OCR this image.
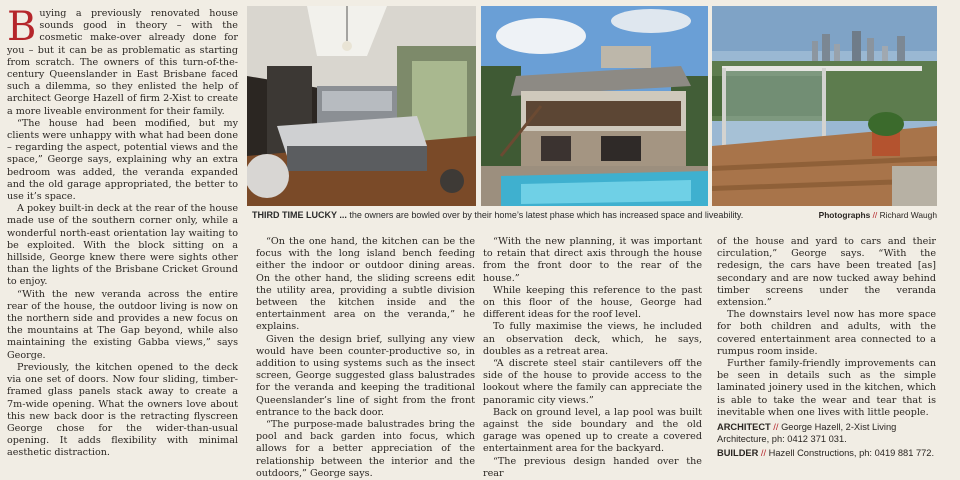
Buying a previously renovated house sounds good in theory – with the cosmetic make-over already done for you – but it can be as problematic as starting from scratch. The owners of this turn-of-the-century Queenslander in East Brisbane faced such a dilemma, so they enlisted the help of architect George Hazell of firm 2-Xist to create a more liveable environment for their family.

“The house had been modified, but my clients were unhappy with what had been done – regarding the aspect, potential views and the space,” George says, explaining why an extra bedroom was added, the veranda expanded and the old garage appropriated, the better to use it’s space.

A pokey built-in deck at the rear of the house made use of the southern corner only, while a wonderful north-east orientation lay waiting to be exploited. With the block sitting on a hillside, George knew there were sights other than the lights of the Brisbane Cricket Ground to enjoy.

“With the new veranda across the entire rear of the house, the outdoor living is now on the northern side and provides a new focus on the mountains at The Gap beyond, while also maintaining the existing Gabba views,” says George.

Previously, the kitchen opened to the deck via one set of doors. Now four sliding, timber-framed glass panels stack away to create a 7m-wide opening. What the owners love about this new back door is the retracting flyscreen George chose for the wider-than-usual opening. It adds flexibility with minimal aesthetic distraction.

THIRD TIME LUCKY ... the owners are bowled over by their home’s latest phase which has increased space and liveability.	Photographs // Richard Waugh

“On the one hand, the kitchen can be the focus with the long island bench feeding either the indoor or outdoor dining areas. On the other hand, the sliding screens edit the utility area, providing a subtle division between the kitchen inside and the entertainment area on the veranda,” he explains.

Given the design brief, sullying any view would have been counter-productive so, in addition to using systems such as the insect screen, George suggested glass balustrades for the veranda and keeping the traditional Queenslander’s line of sight from the front entrance to the back door.

“The purpose-made balustrades bring the pool and back garden into focus, which allows for a better appreciation of the relationship between the interior and the outdoors,” George says.

“With the new planning, it was important to retain that direct axis through the house from the front door to the rear of the house.”

While keeping this reference to the past on this floor of the house, George had different ideas for the roof level.

To fully maximise the views, he included an observation deck, which, he says, doubles as a retreat area.

“A discrete steel stair cantilevers off the side of the house to provide access to the lookout where the family can appreciate the panoramic city views.”

Back on ground level, a lap pool was built against the side boundary and the old garage was opened up to create a covered entertainment area for the backyard.

“The previous design handed over the rear

of the house and yard to cars and their circulation,” George says. “With the redesign, the cars have been treated [as] secondary and are now tucked away behind timber screens under the veranda extension.”

The downstairs level now has more space for both children and adults, with the covered entertainment area connected to a rumpus room inside.

Further family-friendly improvements can be seen in details such as the simple laminated joinery used in the kitchen, which is able to take the wear and tear that is inevitable when one lives with little people.

ARCHITECT // George Hazell, 2-Xist Living Architecture, ph: 0412 371 031.
BUILDER // Hazell Constructions, ph: 0419 881 772.
